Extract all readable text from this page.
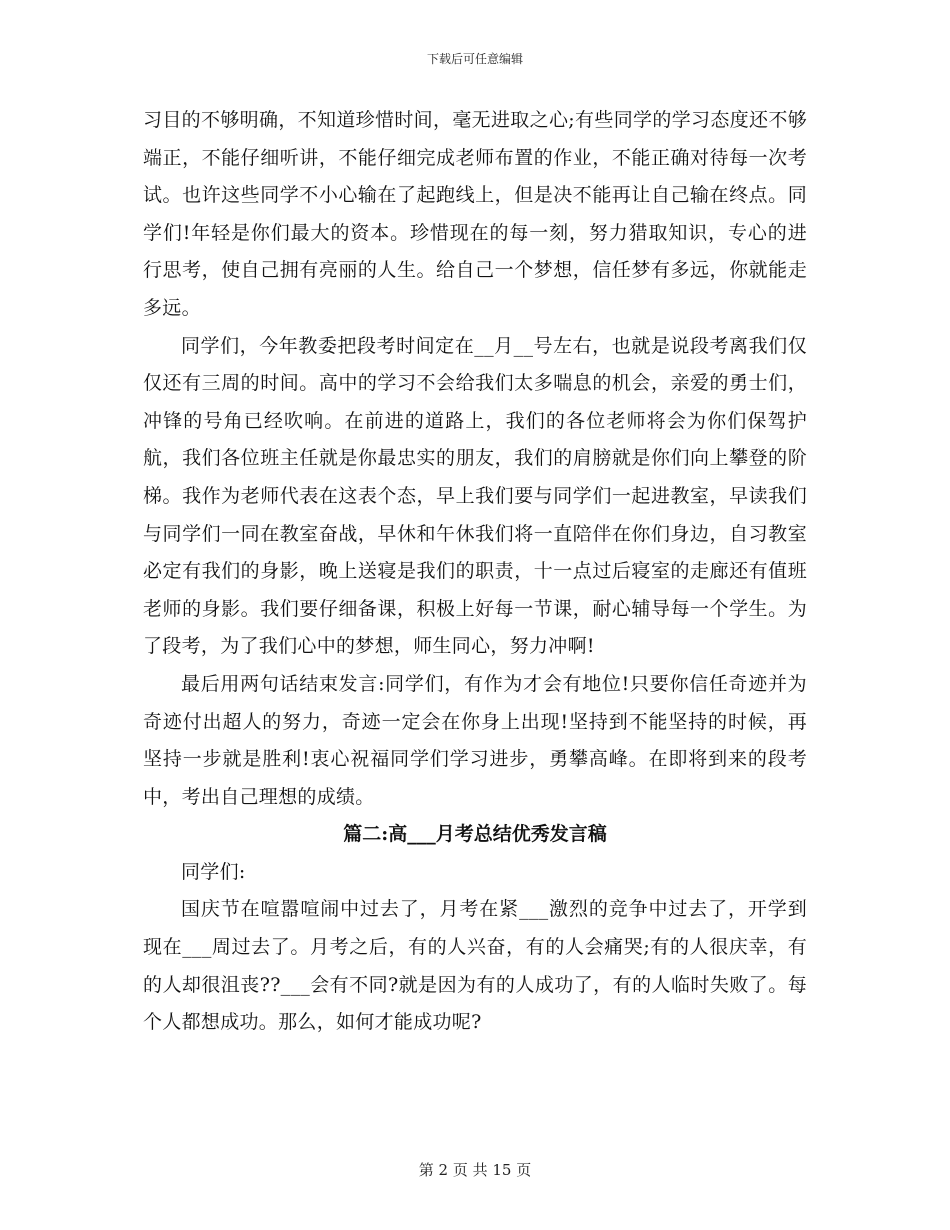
下载后可任意编辑

习目的不够明确，不知道珍惜时间，毫无进取之心;有些同学的学习态度还不够端正，不能仔细听讲，不能仔细完成老师布置的作业，不能正确对待每一次考试。也许这些同学不小心输在了起跑线上，但是决不能再让自己输在终点。同学们!年轻是你们最大的资本。珍惜现在的每一刻，努力猎取知识，专心的进行思考，使自己拥有亮丽的人生。给自己一个梦想，信任梦有多远，你就能走多远。

同学们，今年教委把段考时间定在__月__号左右，也就是说段考离我们仅仅还有三周的时间。高中的学习不会给我们太多喘息的机会，亲爱的勇士们，冲锋的号角已经吹响。在前进的道路上，我们的各位老师将会为你们保驾护航，我们各位班主任就是你最忠实的朋友，我们的肩膀就是你们向上攀登的阶梯。我作为老师代表在这表个态，早上我们要与同学们一起进教室，早读我们与同学们一同在教室奋战，早休和午休我们将一直陪伴在你们身边，自习教室必定有我们的身影，晚上送寝是我们的职责，十一点过后寝室的走廊还有值班老师的身影。我们要仔细备课，积极上好每一节课，耐心辅导每一个学生。为了段考，为了我们心中的梦想，师生同心，努力冲啊!

最后用两句话结束发言:同学们，有作为才会有地位!只要你信任奇迹并为奇迹付出超人的努力，奇迹一定会在你身上出现!坚持到不能坚持的时候，再坚持一步就是胜利!衷心祝福同学们学习进步，勇攀高峰。在即将到来的段考中，考出自己理想的成绩。

篇二:高___月考总结优秀发言稿

同学们:

国庆节在喧嚣喧闹中过去了，月考在紧___激烈的竞争中过去了，开学到现在___周过去了。月考之后，有的人兴奋，有的人会痛哭;有的人很庆幸，有的人却很沮丧??___会有不同?就是因为有的人成功了，有的人临时失败了。每个人都想成功。那么，如何才能成功呢?

第 2 页 共 15 页
